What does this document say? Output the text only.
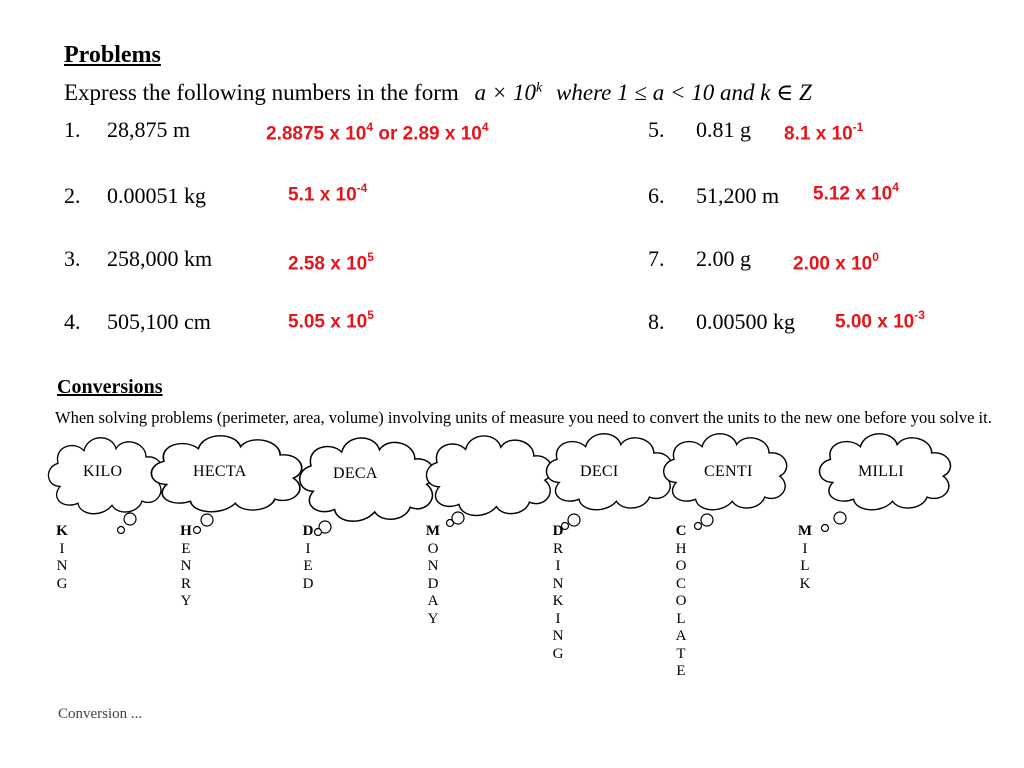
Problems
Express the following numbers in the form $a \times 10^k$ where 1 ≤ a < 10 and k ∈ Z
1. 28,875 m	2.8875 x $10^4$ or 2.89 x $10^4$
2. 0.00051 kg	5.1 x $10^{-4}$
3. 258,000 km	2.58 x $10^5$
4. 505,100 cm	5.05 x $10^5$
5. 0.81 g 8.1 x $10^{-1}$
6. 51,200 m 5.12 x $10^4$
7. 2.00 g 2.00 x $10^0$
8. 0.00500 kg 5.00 x $10^{-3}$
Conversions
When solving problems (perimeter, area, volume) involving units of measure you need to convert the units to the new one before you solve it.
KILO	HECTA	DECA	DECI	CENTI	MILLI
K
I
N
G
H
E
N
R
Y
D
I
E
D
M
O
N
D
A
Y
D
R
I
N
K
I
N
G
C
H
O
C
O
L
A
T
E
M
I
L
K
Conversion ...
